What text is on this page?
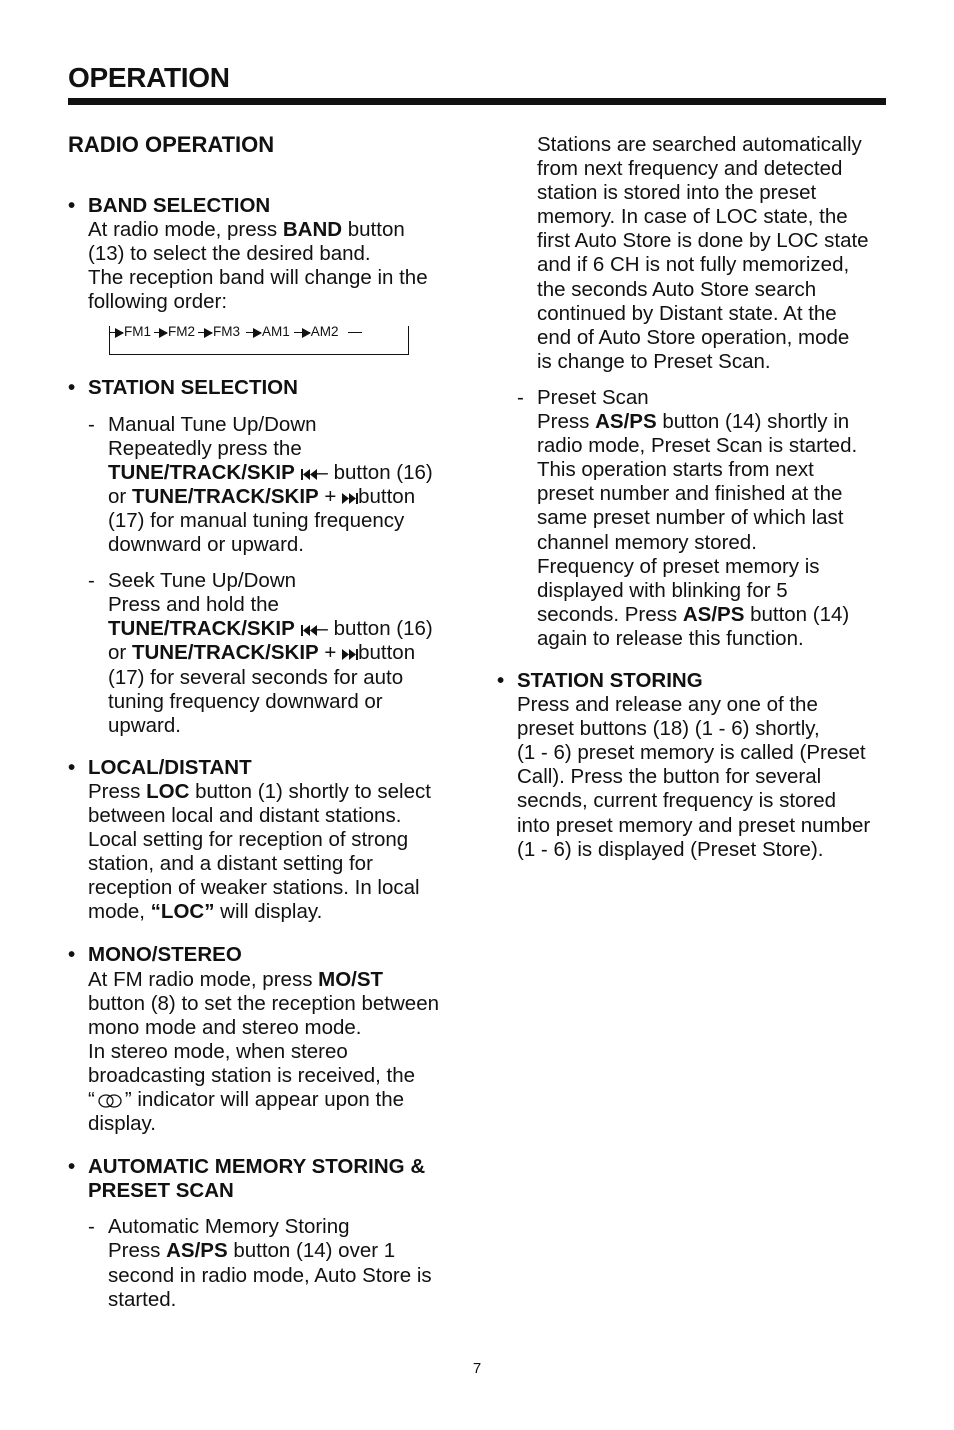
OPERATION
RADIO OPERATION
• BAND SELECTION
At radio mode, press BAND button
(13) to select the desired band.
The reception band will change in the
following order:
FM1 FM2 FM3 AM1 AM2
• STATION SELECTION
- Manual Tune Up/Down
Repeatedly press the
TUNE/TRACK/SKIP – button (16)
or TUNE/TRACK/SKIP + button
(17) for manual tuning frequency
downward or upward.
- Seek Tune Up/Down
Press and hold the
TUNE/TRACK/SKIP – button (16)
or TUNE/TRACK/SKIP + button
(17) for several seconds for auto
tuning frequency downward or
upward.
• LOCAL/DISTANT
Press LOC button (1) shortly to select
between local and distant stations.
Local setting for reception of strong
station, and a distant setting for
reception of weaker stations. In local
mode, “LOC” will display.
• MONO/STEREO
At FM radio mode, press MO/ST
button (8) to set the reception between
mono mode and stereo mode.
In stereo mode, when stereo
broadcasting station is received, the
“ ” indicator will appear upon the
display.
• AUTOMATIC MEMORY STORING &
PRESET SCAN
- Automatic Memory Storing
Press AS/PS button (14) over 1
second in radio mode, Auto Store is
started.
Stations are searched automatically
from next frequency and detected
station is stored into the preset
memory. In case of LOC state, the
first Auto Store is done by LOC state
and if 6 CH is not fully memorized,
the seconds Auto Store search
continued by Distant state. At the
end of Auto Store operation, mode
is change to Preset Scan.
- Preset Scan
Press AS/PS button (14) shortly in
radio mode, Preset Scan is started.
This operation starts from next
preset number and finished at the
same preset number of which last
channel memory stored.
Frequency of preset memory is
displayed with blinking for 5
seconds. Press AS/PS button (14)
again to release this function.
• STATION STORING
Press and release any one of the
preset buttons (18) (1 - 6) shortly,
(1 - 6) preset memory is called (Preset
Call). Press the button for several
secnds, current frequency is stored
into preset memory and preset number
(1 - 6) is displayed (Preset Store).
7
